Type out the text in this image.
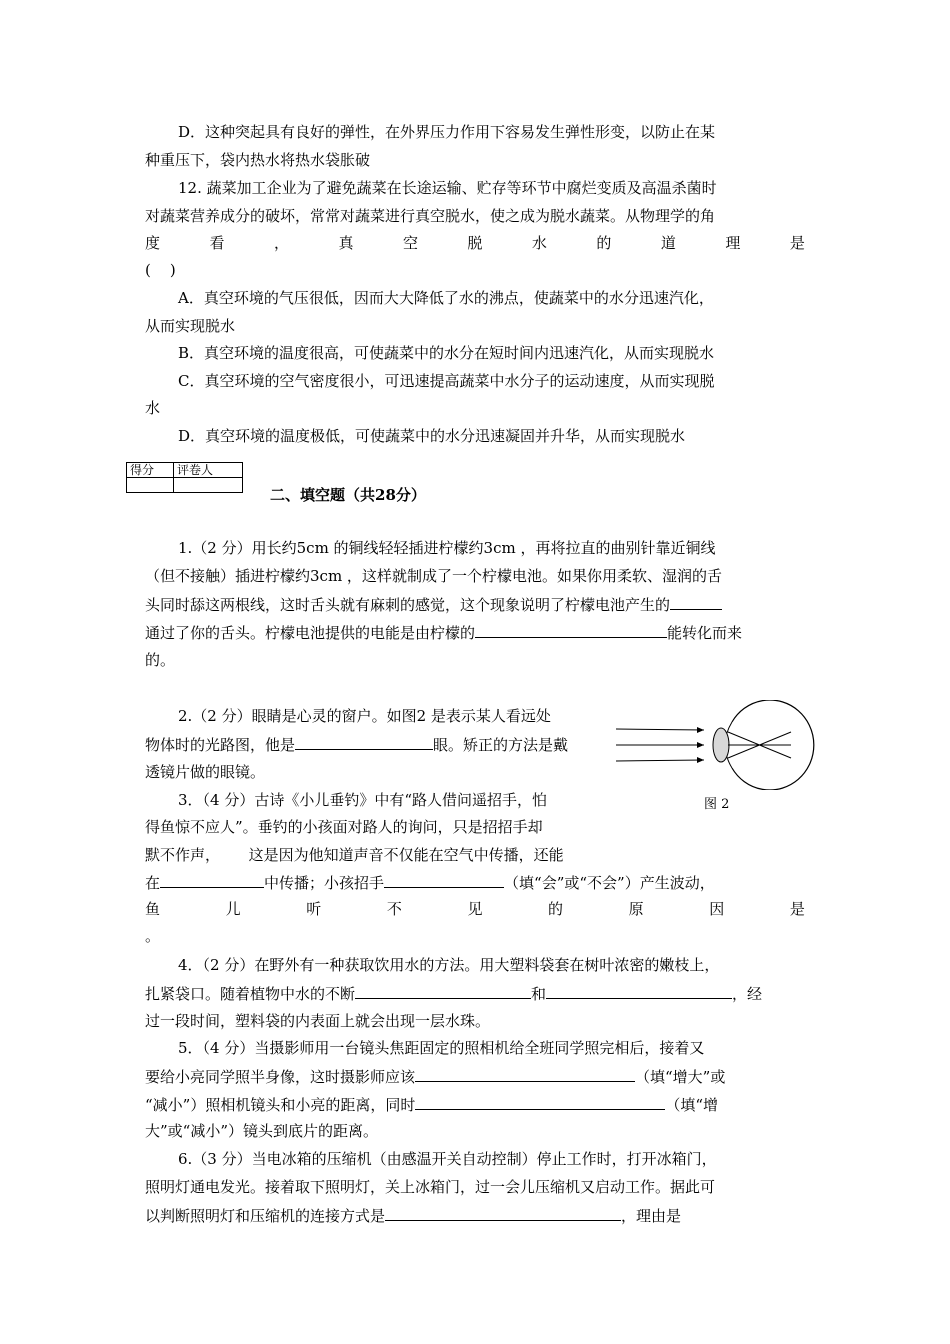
D．这种突起具有良好的弹性，在外界压力作用下容易发生弹性形变，以防止在某
种重压下，袋内热水将热水袋胀破
12. 蔬菜加工企业为了避免蔬菜在长途运输、贮存等环节中腐烂变质及高温杀菌时
对蔬菜营养成分的破坏，常常对蔬菜进行真空脱水，使之成为脱水蔬菜。从物理学的角
度	看	，	真	空	脱	水	的	道	理	是
(    )
A．真空环境的气压很低，因而大大降低了水的沸点，使蔬菜中的水分迅速汽化，
从而实现脱水
B．真空环境的温度很高，可使蔬菜中的水分在短时间内迅速汽化，从而实现脱水
C．真空环境的空气密度很小，可迅速提高蔬菜中水分子的运动速度，从而实现脱
水
D．真空环境的温度极低，可使蔬菜中的水分迅速凝固并升华，从而实现脱水
得分	评卷人

二、填空题（共28分）
1.（2 分）用长约5cm 的铜线轻轻插进柠檬约3cm ，再将拉直的曲别针靠近铜线
（但不接触）插进柠檬约3cm ，这样就制成了一个柠檬电池。如果你用柔软、湿润的舌
头同时舔这两根线，这时舌头就有麻刺的感觉，这个现象说明了柠檬电池产生的
通过了你的舌头。柠檬电池提供的电能是由柠檬的	能转化而来
的。
2.（2 分）眼睛是心灵的窗户。如图2 是表示某人看远处
物体时的光路图，他是	眼。矫正的方法是戴
透镜片做的眼镜。
图 2
3．（4 分）古诗《小儿垂钓》中有“路人借问遥招手，怕
得鱼惊不应人”。垂钓的小孩面对路人的询问，只是招招手却
默不作声，      这是因为他知道声音不仅能在空气中传播，还能
在	中传播；小孩招手	（填“会”或“不会”）产生波动，
鱼	儿	听	不	见	的	原	因	是
。
4．（2 分）在野外有一种获取饮用水的方法。用大塑料袋套在树叶浓密的嫩枝上，
扎紧袋口。随着植物中水的不断	和	，经
过一段时间，塑料袋的内表面上就会出现一层水珠。
5．（4 分）当摄影师用一台镜头焦距固定的照相机给全班同学照完相后，接着又
要给小亮同学照半身像，这时摄影师应该	（填“增大”或
“减小”）照相机镜头和小亮的距离，同时	（填“增
大”或“减小”）镜头到底片的距离。
6.（3 分）当电冰箱的压缩机（由感温开关自动控制）停止工作时，打开冰箱门，
照明灯通电发光。接着取下照明灯，关上冰箱门，过一会儿压缩机又启动工作。据此可
以判断照明灯和压缩机的连接方式是	，理由是
